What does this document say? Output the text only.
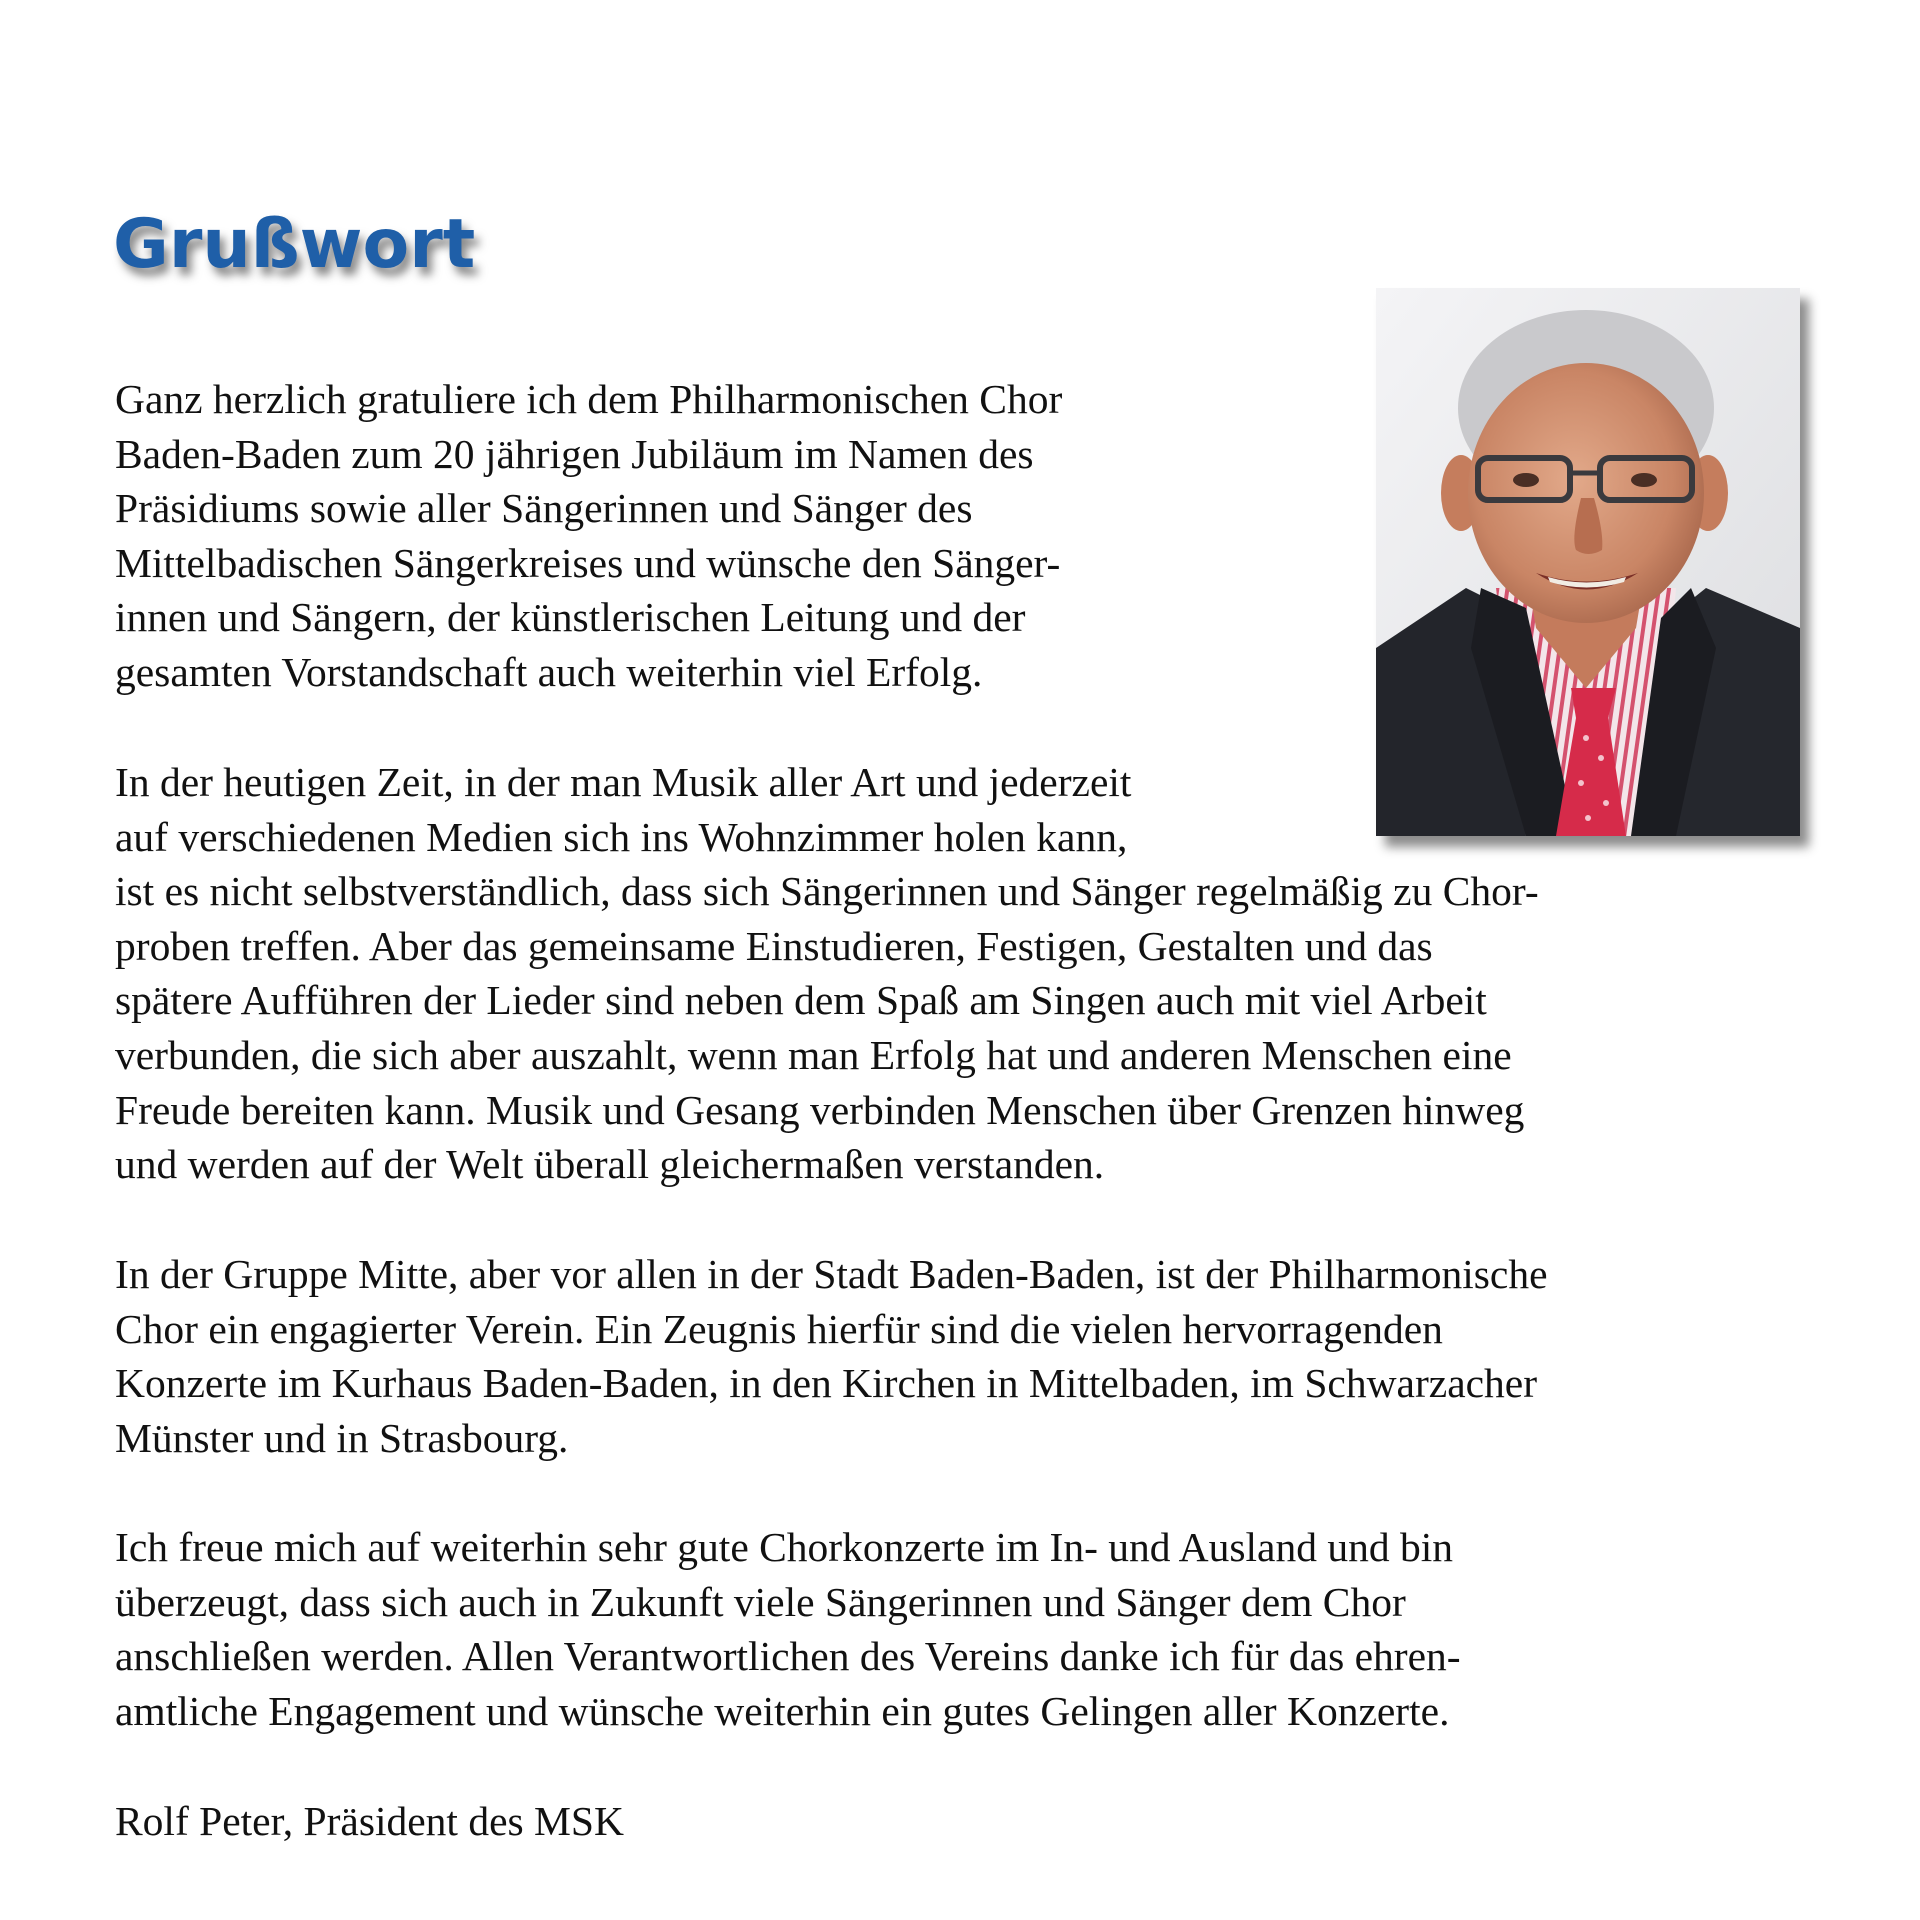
Grußwort

Ganz herzlich gratuliere ich dem Philharmonischen Chor
Baden-Baden zum 20 jährigen Jubiläum im Namen des
Präsidiums sowie aller Sängerinnen und Sänger des
Mittelbadischen Sängerkreises und wünsche den Sänger-
innen und Sängern, der künstlerischen Leitung und der
gesamten Vorstandschaft auch weiterhin viel Erfolg.

In der heutigen Zeit, in der man Musik aller Art und jederzeit
auf verschiedenen Medien sich ins Wohnzimmer holen kann,
ist es nicht selbstverständlich, dass sich Sängerinnen und Sänger regelmäßig zu Chor-
proben treffen. Aber das gemeinsame Einstudieren, Festigen, Gestalten und das
spätere Aufführen der Lieder sind neben dem Spaß am Singen auch mit viel Arbeit
verbunden, die sich aber auszahlt, wenn man Erfolg hat und anderen Menschen eine
Freude bereiten kann. Musik und Gesang verbinden Menschen über Grenzen hinweg
und werden auf der Welt überall gleichermaßen verstanden.

In der Gruppe Mitte, aber vor allen in der Stadt Baden-Baden, ist der Philharmonische
Chor ein engagierter Verein. Ein Zeugnis hierfür sind die vielen hervorragenden
Konzerte im Kurhaus Baden-Baden, in den Kirchen in Mittelbaden, im Schwarzacher
Münster und in Strasbourg.

Ich freue mich auf weiterhin sehr gute Chorkonzerte im In- und Ausland und bin
überzeugt, dass sich auch in Zukunft viele Sängerinnen und Sänger dem Chor
anschließen werden. Allen Verantwortlichen des Vereins danke ich für das ehren-
amtliche Engagement und wünsche weiterhin ein gutes Gelingen aller Konzerte.

Rolf Peter, Präsident des MSK
